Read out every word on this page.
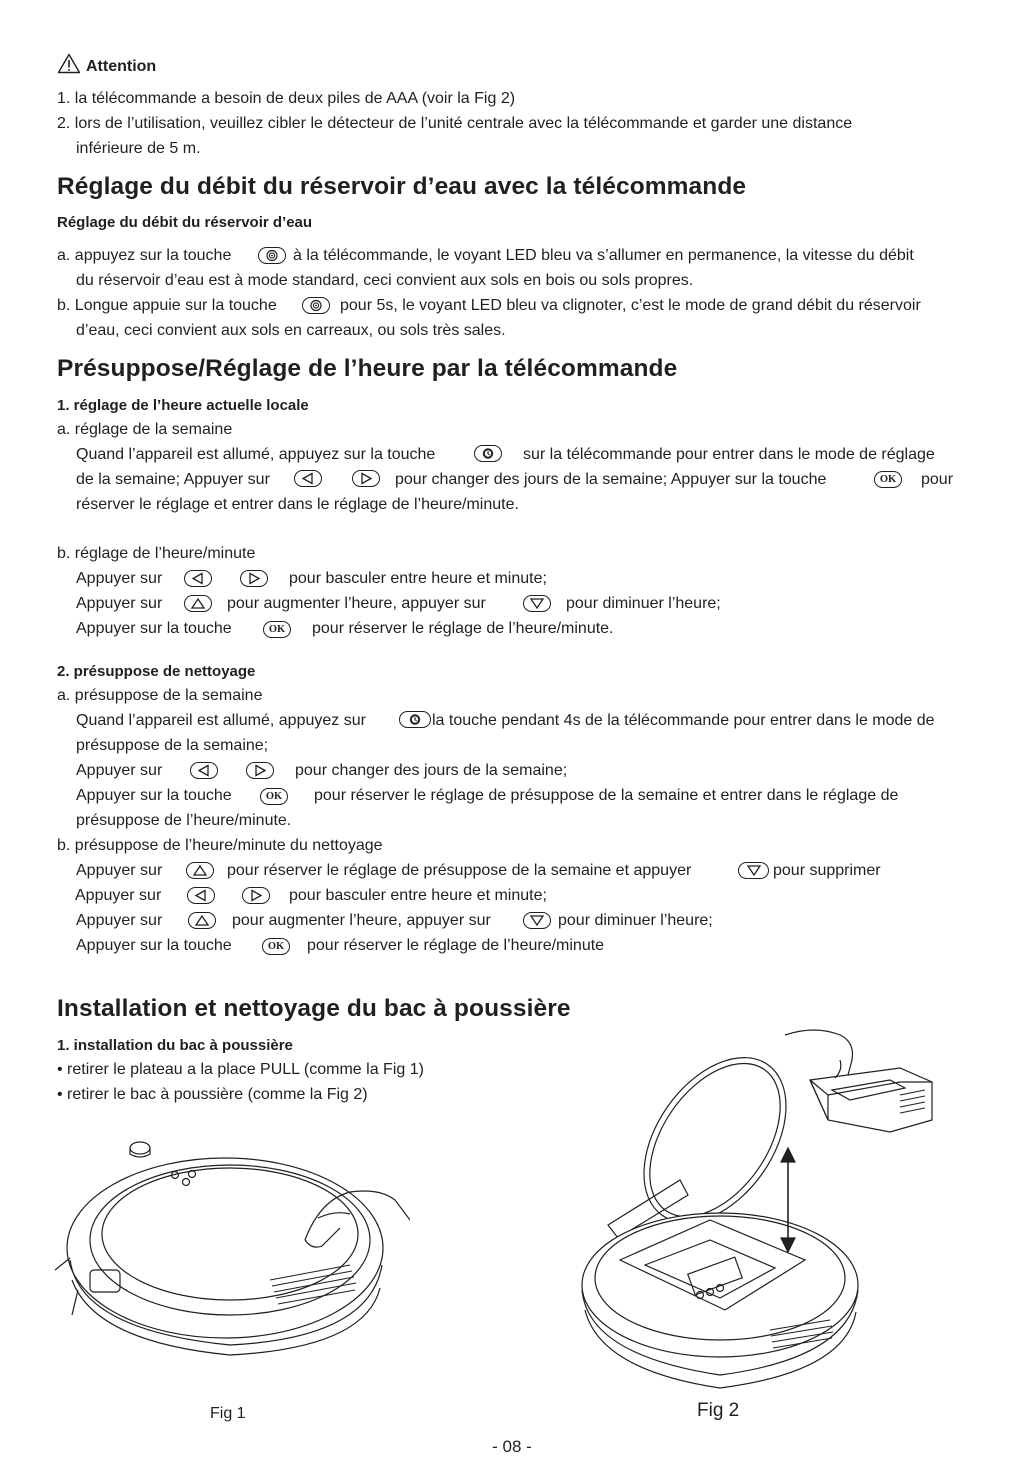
Attention
1. la télécommande a besoin de deux piles de AAA (voir la Fig 2)
2. lors de l’utilisation, veuillez cibler le détecteur de l’unité centrale avec la télécommande et garder une distance
inférieure de 5 m.
Réglage du débit du réservoir d’eau avec la télécommande
Réglage du débit du réservoir d’eau
a. appuyez sur la touche	à la télécommande, le voyant LED bleu va s’allumer en permanence, la vitesse du débit
du réservoir d’eau est à mode standard, ceci convient aux sols en bois ou sols propres.
b. Longue appuie sur la touche	pour 5s, le voyant LED bleu va clignoter, c’est le mode de grand débit du réservoir
d’eau, ceci convient aux sols en carreaux, ou sols très sales.
Présuppose/Réglage de l’heure par la télécommande
1. réglage de l’heure actuelle locale
a. réglage de la semaine
Quand l’appareil est allumé, appuyez sur la touche	sur la télécommande pour entrer dans le mode de réglage
de la semaine; Appuyer sur	pour changer des jours de la semaine; Appuyer sur la touche	OK pour
réserver le réglage et entrer dans le réglage de l’heure/minute.
b. réglage de l’heure/minute
Appuyer sur	pour basculer entre heure et minute;
Appuyer sur	pour augmenter l’heure, appuyer sur	pour diminuer l’heure;
Appuyer sur la touche	OK pour réserver le réglage de l’heure/minute.
2. présuppose de nettoyage
a. présuppose de la semaine
Quand l’appareil est allumé, appuyez sur	la touche pendant 4s de la télécommande pour entrer dans le mode de
présuppose de la semaine;
Appuyer sur	pour changer des jours de la semaine;
Appuyer sur la touche	OK pour réserver le réglage de présuppose de la semaine et entrer dans le réglage de
présuppose de l’heure/minute.
b. présuppose de l’heure/minute du nettoyage
Appuyer sur	pour réserver le réglage de présuppose de la semaine et appuyer	pour supprimer
Appuyer sur	pour basculer entre heure et minute;
Appuyer sur	pour augmenter l’heure, appuyer sur	pour diminuer l’heure;
Appuyer sur la touche	OK pour réserver le réglage de l’heure/minute
Installation et nettoyage du bac à poussière
1. installation du bac à poussière
• retirer le plateau a la place PULL (comme la Fig 1)
• retirer le bac à poussière (comme la Fig 2)
Fig 1	Fig 2
- 08 -
